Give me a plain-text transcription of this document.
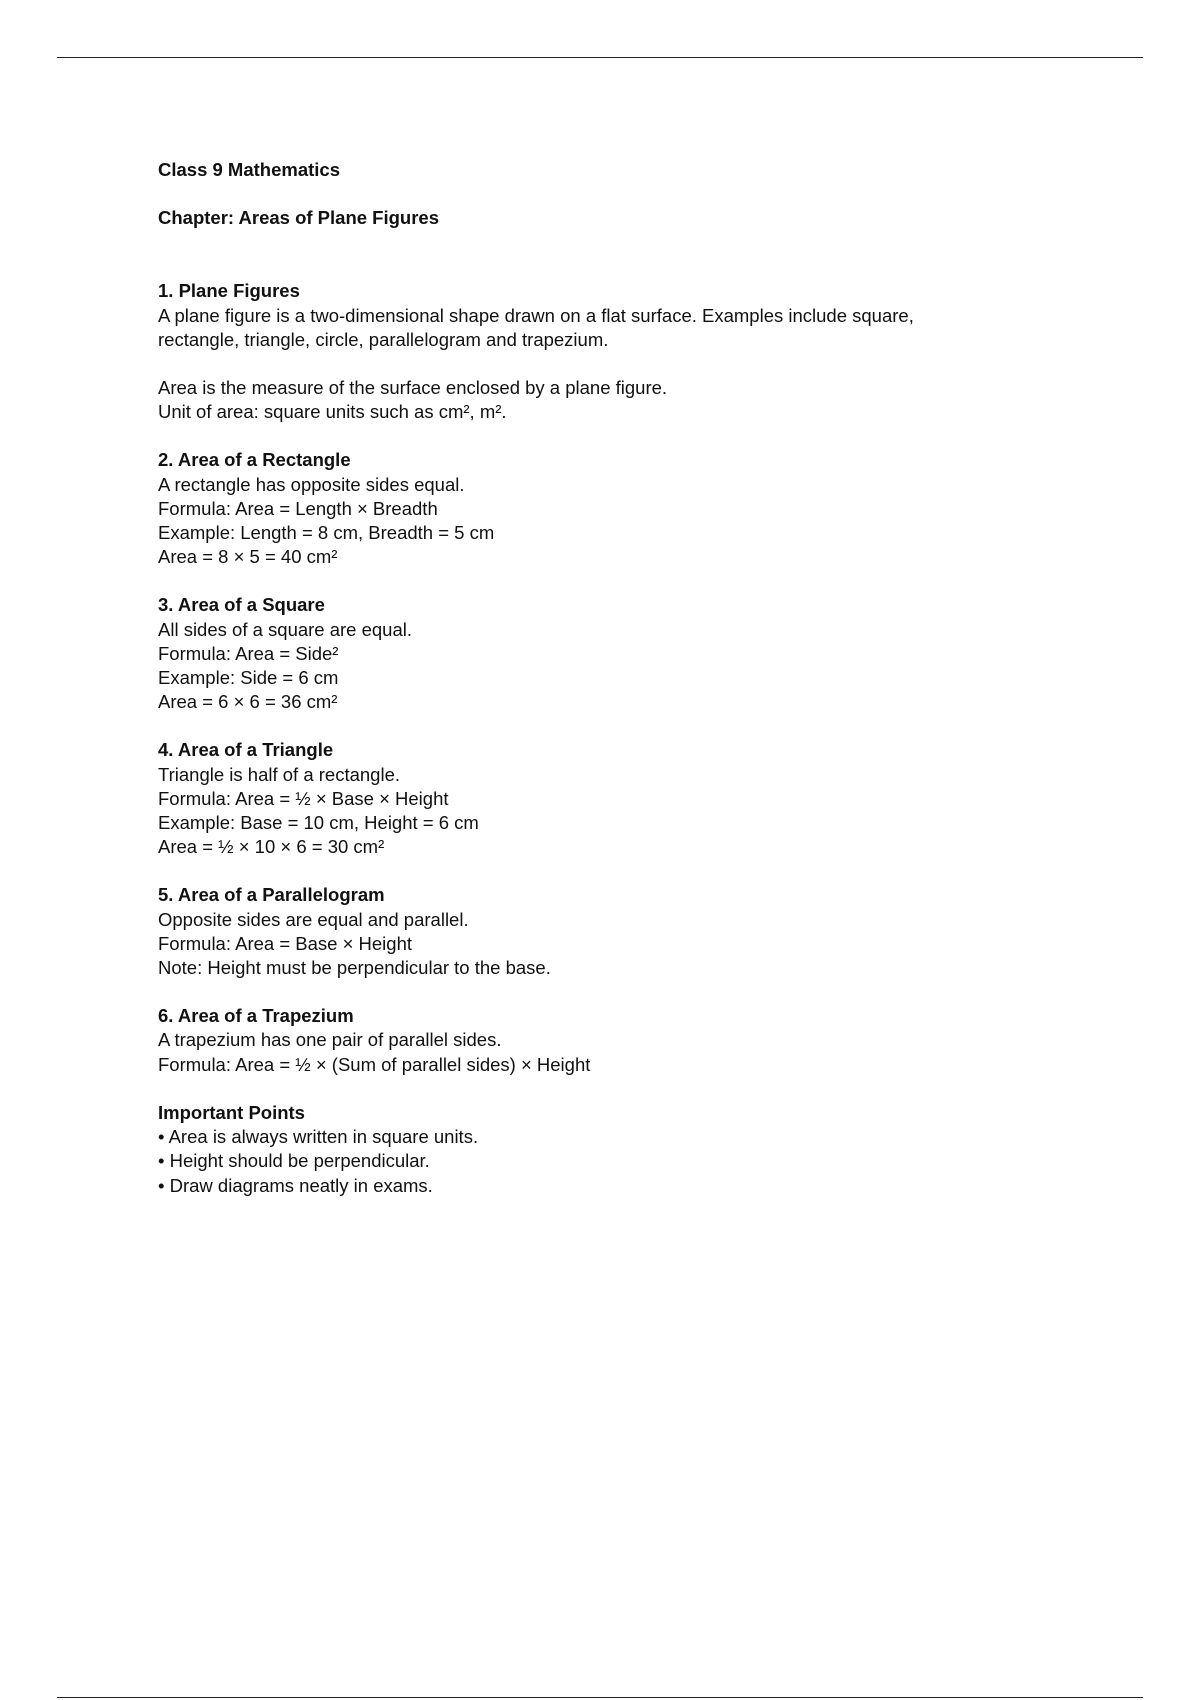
Class 9 Mathematics

Chapter: Areas of Plane Figures

1. Plane Figures

A plane figure is a two-dimensional shape drawn on a flat surface. Examples include square,

rectangle, triangle, circle, parallelogram and trapezium.

Area is the measure of the surface enclosed by a plane figure.

Unit of area: square units such as cm², m².

2. Area of a Rectangle

A rectangle has opposite sides equal.

Formula: Area = Length × Breadth

Example: Length = 8 cm, Breadth = 5 cm

Area = 8 × 5 = 40 cm²

3. Area of a Square

All sides of a square are equal.

Formula: Area = Side²

Example: Side = 6 cm

Area = 6 × 6 = 36 cm²

4. Area of a Triangle

Triangle is half of a rectangle.

Formula: Area = ½ × Base × Height

Example: Base = 10 cm, Height = 6 cm

Area = ½ × 10 × 6 = 30 cm²

5. Area of a Parallelogram

Opposite sides are equal and parallel.

Formula: Area = Base × Height

Note: Height must be perpendicular to the base.

6. Area of a Trapezium

A trapezium has one pair of parallel sides.

Formula: Area = ½ × (Sum of parallel sides) × Height

Important Points

• Area is always written in square units.

• Height should be perpendicular.

• Draw diagrams neatly in exams.
